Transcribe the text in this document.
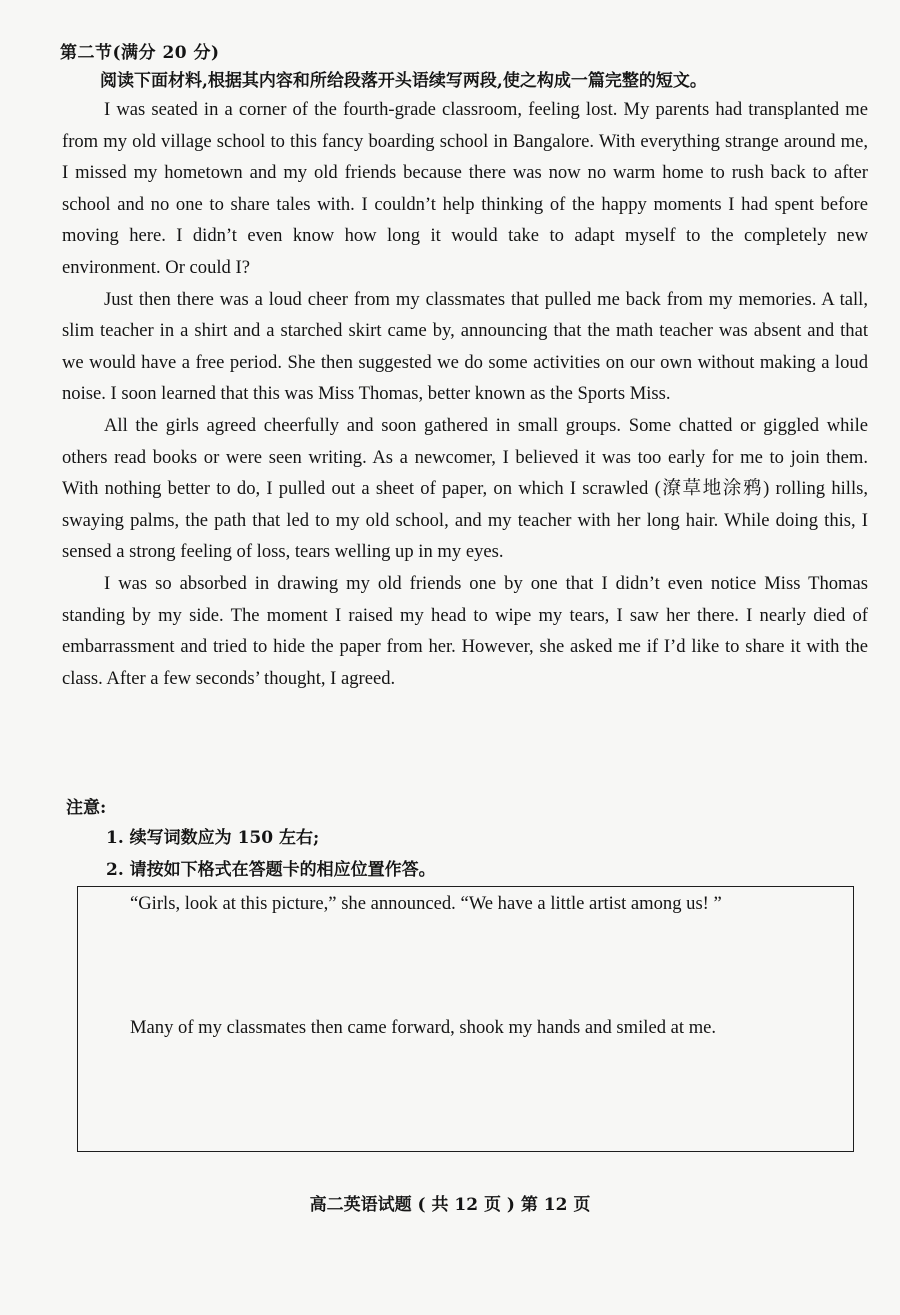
第二节(满分 20 分)
阅读下面材料,根据其内容和所给段落开头语续写两段,使之构成一篇完整的短文。

I was seated in a corner of the fourth-grade classroom, feeling lost. My parents had transplanted me from my old village school to this fancy boarding school in Bangalore. With everything strange around me, I missed my hometown and my old friends because there was now no warm home to rush back to after school and no one to share tales with. I couldn’t help thinking of the happy moments I had spent before moving here. I didn’t even know how long it would take to adapt myself to the completely new environment. Or could I?

Just then there was a loud cheer from my classmates that pulled me back from my memories. A tall, slim teacher in a shirt and a starched skirt came by, announcing that the math teacher was absent and that we would have a free period. She then suggested we do some activities on our own without making a loud noise. I soon learned that this was Miss Thomas, better known as the Sports Miss.

All the girls agreed cheerfully and soon gathered in small groups. Some chatted or giggled while others read books or were seen writing. As a newcomer, I believed it was too early for me to join them. With nothing better to do, I pulled out a sheet of paper, on which I scrawled (潦草地涂鸦) rolling hills, swaying palms, the path that led to my old school, and my teacher with her long hair. While doing this, I sensed a strong feeling of loss, tears welling up in my eyes.

I was so absorbed in drawing my old friends one by one that I didn’t even notice Miss Thomas standing by my side. The moment I raised my head to wipe my tears, I saw her there. I nearly died of embarrassment and tried to hide the paper from her. However, she asked me if I’d like to share it with the class. After a few seconds’ thought, I agreed.

注意:
1. 续写词数应为 150 左右;
2. 请按如下格式在答题卡的相应位置作答。
“Girls, look at this picture,” she announced. “We have a little artist among us! ”
Many of my classmates then came forward, shook my hands and smiled at me.
高二英语试题 ( 共 12 页 ) 第 12 页
